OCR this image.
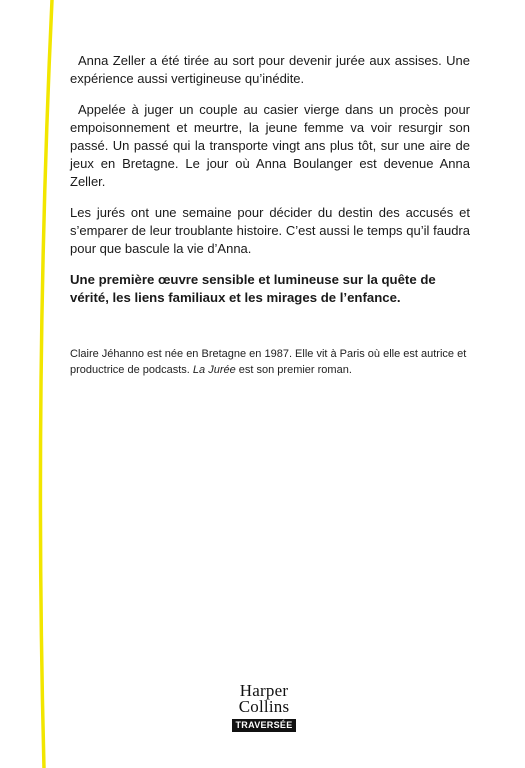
Anna Zeller a été tirée au sort pour devenir jurée aux assises. Une expérience aussi vertigineuse qu’inédite.

Appelée à juger un couple au casier vierge dans un procès pour empoisonnement et meurtre, la jeune femme va voir resurgir son passé. Un passé qui la transporte vingt ans plus tôt, sur une aire de jeux en Bretagne. Le jour où Anna Boulanger est devenue Anna Zeller.

Les jurés ont une semaine pour décider du destin des accusés et s’emparer de leur troublante histoire. C’est aussi le temps qu’il faudra pour que bascule la vie d’Anna.

Une première œuvre sensible et lumineuse sur la quête de vérité, les liens familiaux et les mirages de l’enfance.

Claire Jéhanno est née en Bretagne en 1987. Elle vit à Paris où elle est autrice et productrice de podcasts. La Jurée est son premier roman.

Harper
Collins
TRAVERSÉE
